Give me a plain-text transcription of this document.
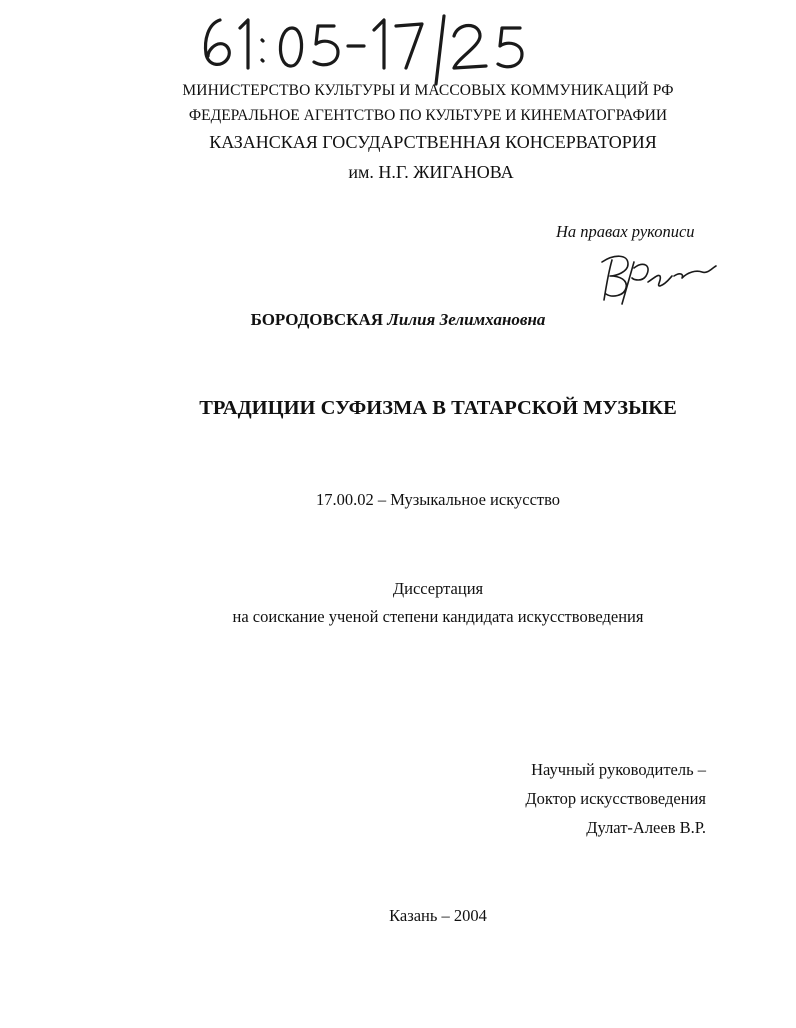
МИНИСТЕРСТВО КУЛЬТУРЫ И МАССОВЫХ КОММУНИКАЦИЙ РФ
ФЕДЕРАЛЬНОЕ АГЕНТСТВО ПО КУЛЬТУРЕ И КИНЕМАТОГРАФИИ
КАЗАНСКАЯ ГОСУДАРСТВЕННАЯ КОНСЕРВАТОРИЯ
им. Н.Г. ЖИГАНОВА
На правах рукописи
БОРОДОВСКАЯ Лилия Зелимхановна
ТРАДИЦИИ СУФИЗМА В ТАТАРСКОЙ МУЗЫКЕ
17.00.02 – Музыкальное искусство
Диссертация
на соискание ученой степени кандидата искусствоведения
Научный руководитель –
Доктор искусствоведения
Дулат-Алеев В.Р.
Казань – 2004
